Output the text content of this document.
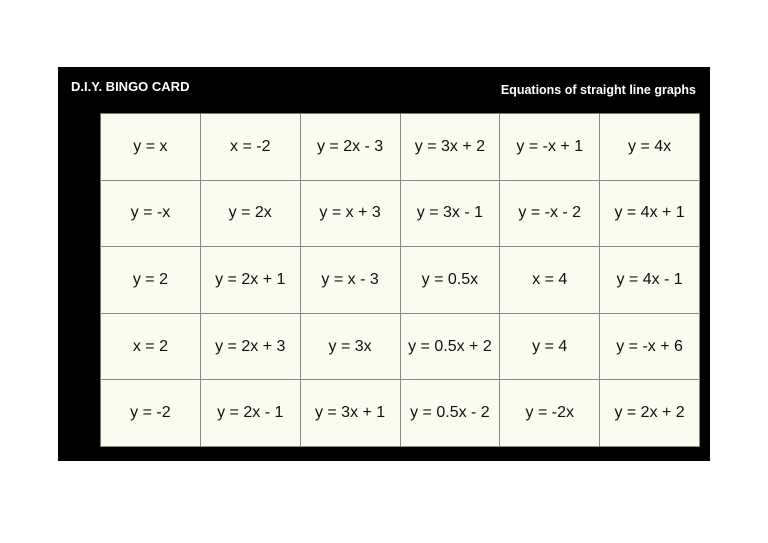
D.I.Y. BINGO CARD	Equations of straight line graphs
y = x	x = -2	y = 2x - 3	y = 3x + 2	y = -x + 1	y = 4x
y = -x	y = 2x	y = x + 3	y = 3x - 1	y = -x - 2	y = 4x + 1
y = 2	y = 2x + 1	y = x - 3	y = 0.5x	x = 4	y = 4x - 1
x = 2	y = 2x + 3	y = 3x	y = 0.5x + 2	y = 4	y = -x + 6
y = -2	y = 2x - 1	y = 3x + 1	y = 0.5x - 2	y = -2x	y = 2x + 2
